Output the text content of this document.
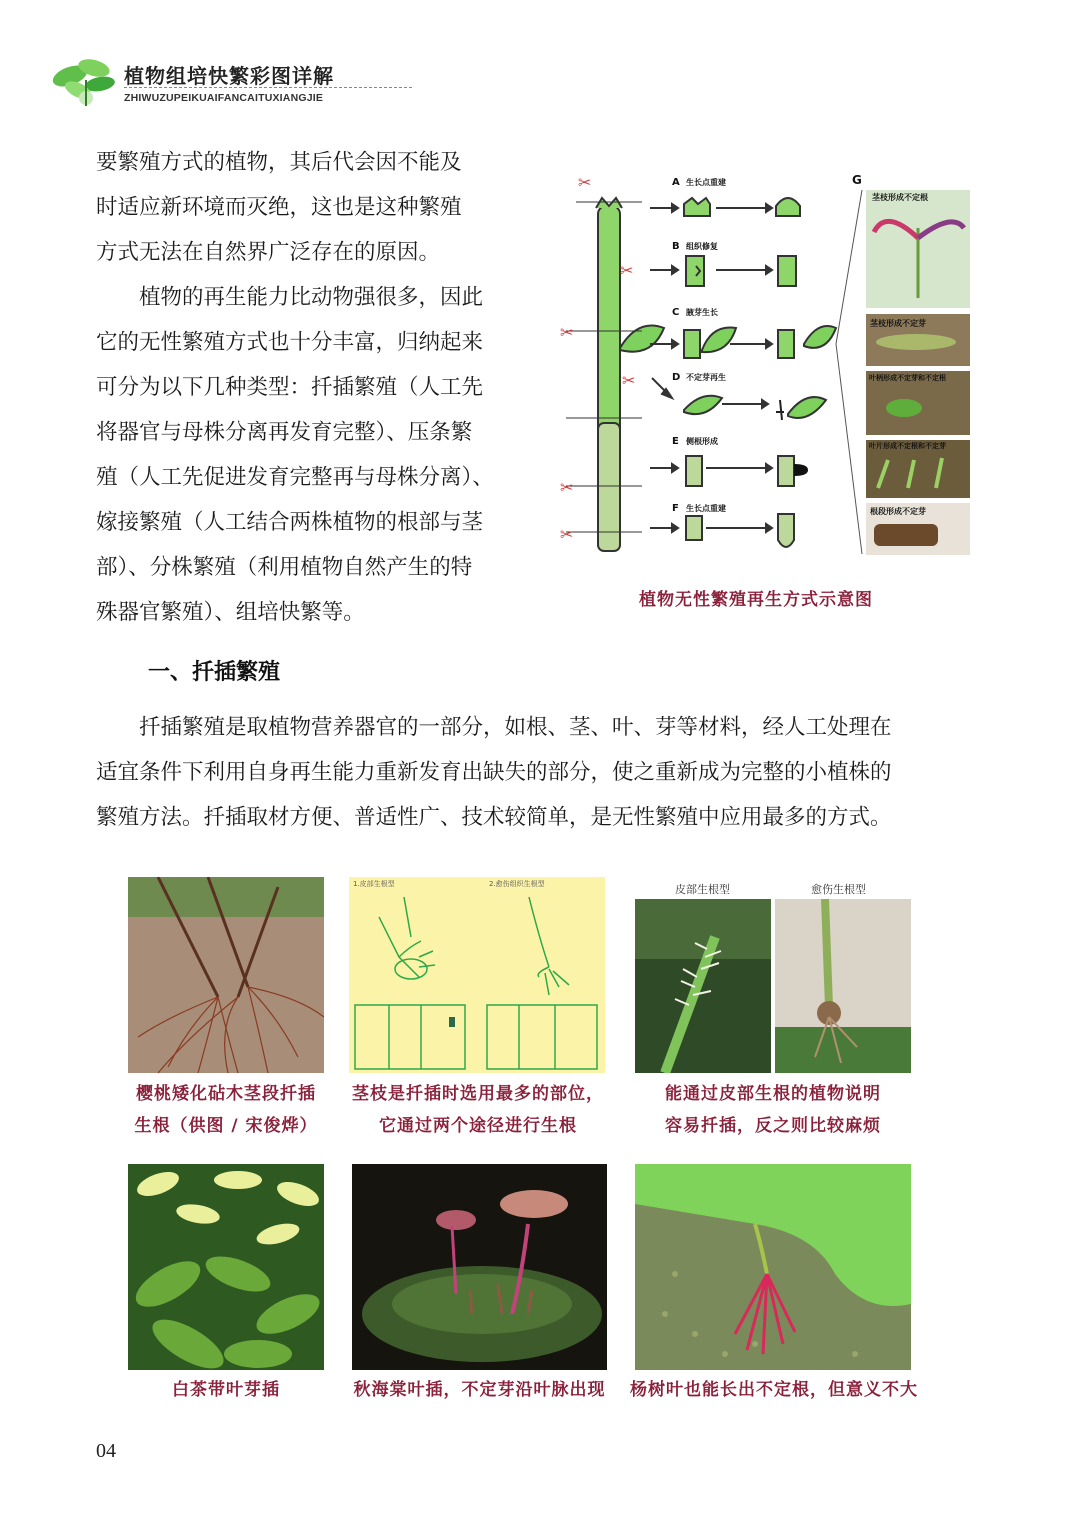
植物组培快繁彩图详解
ZHIWUZUPEIKUAIFANCAITUXIANGJIE
要繁殖方式的植物，其后代会因不能及
时适应新环境而灭绝，这也是这种繁殖
方式无法在自然界广泛存在的原因。
　　植物的再生能力比动物强很多，因此
它的无性繁殖方式也十分丰富，归纳起来
可分为以下几种类型：扦插繁殖（人工先
将器官与母株分离再发育完整）、压条繁
殖（人工先促进发育完整再与母株分离）、
嫁接繁殖（人工结合两株植物的根部与茎
部）、分株繁殖（利用植物自然产生的特
殊器官繁殖）、组培快繁等。
✂
✂
✂
✂
✂
✂
A 生长点重建
B 组织修复
C 腋芽生长
D 不定芽再生
E 侧根形成
F 生长点重建
G
茎枝形成不定根
茎枝形成不定芽
叶柄形成不定芽和不定根
叶片形成不定根和不定芽
根段形成不定芽
植物无性繁殖再生方式示意图
一、扦插繁殖
　　扦插繁殖是取植物营养器官的一部分，如根、茎、叶、芽等材料，经人工处理在
适宜条件下利用自身再生能力重新发育出缺失的部分，使之重新成为完整的小植株的
繁殖方法。扦插取材方便、普适性广、技术较简单，是无性繁殖中应用最多的方式。
樱桃矮化砧木茎段扦插
生根（供图 / 宋俊烨）
1.皮部生根型	2.愈伤组织生根型
茎枝是扦插时选用最多的部位，
它通过两个途径进行生根
皮部生根型	愈伤生根型
能通过皮部生根的植物说明
容易扦插，反之则比较麻烦
白茶带叶芽插	秋海棠叶插，不定芽沿叶脉出现	杨树叶也能长出不定根，但意义不大
04
